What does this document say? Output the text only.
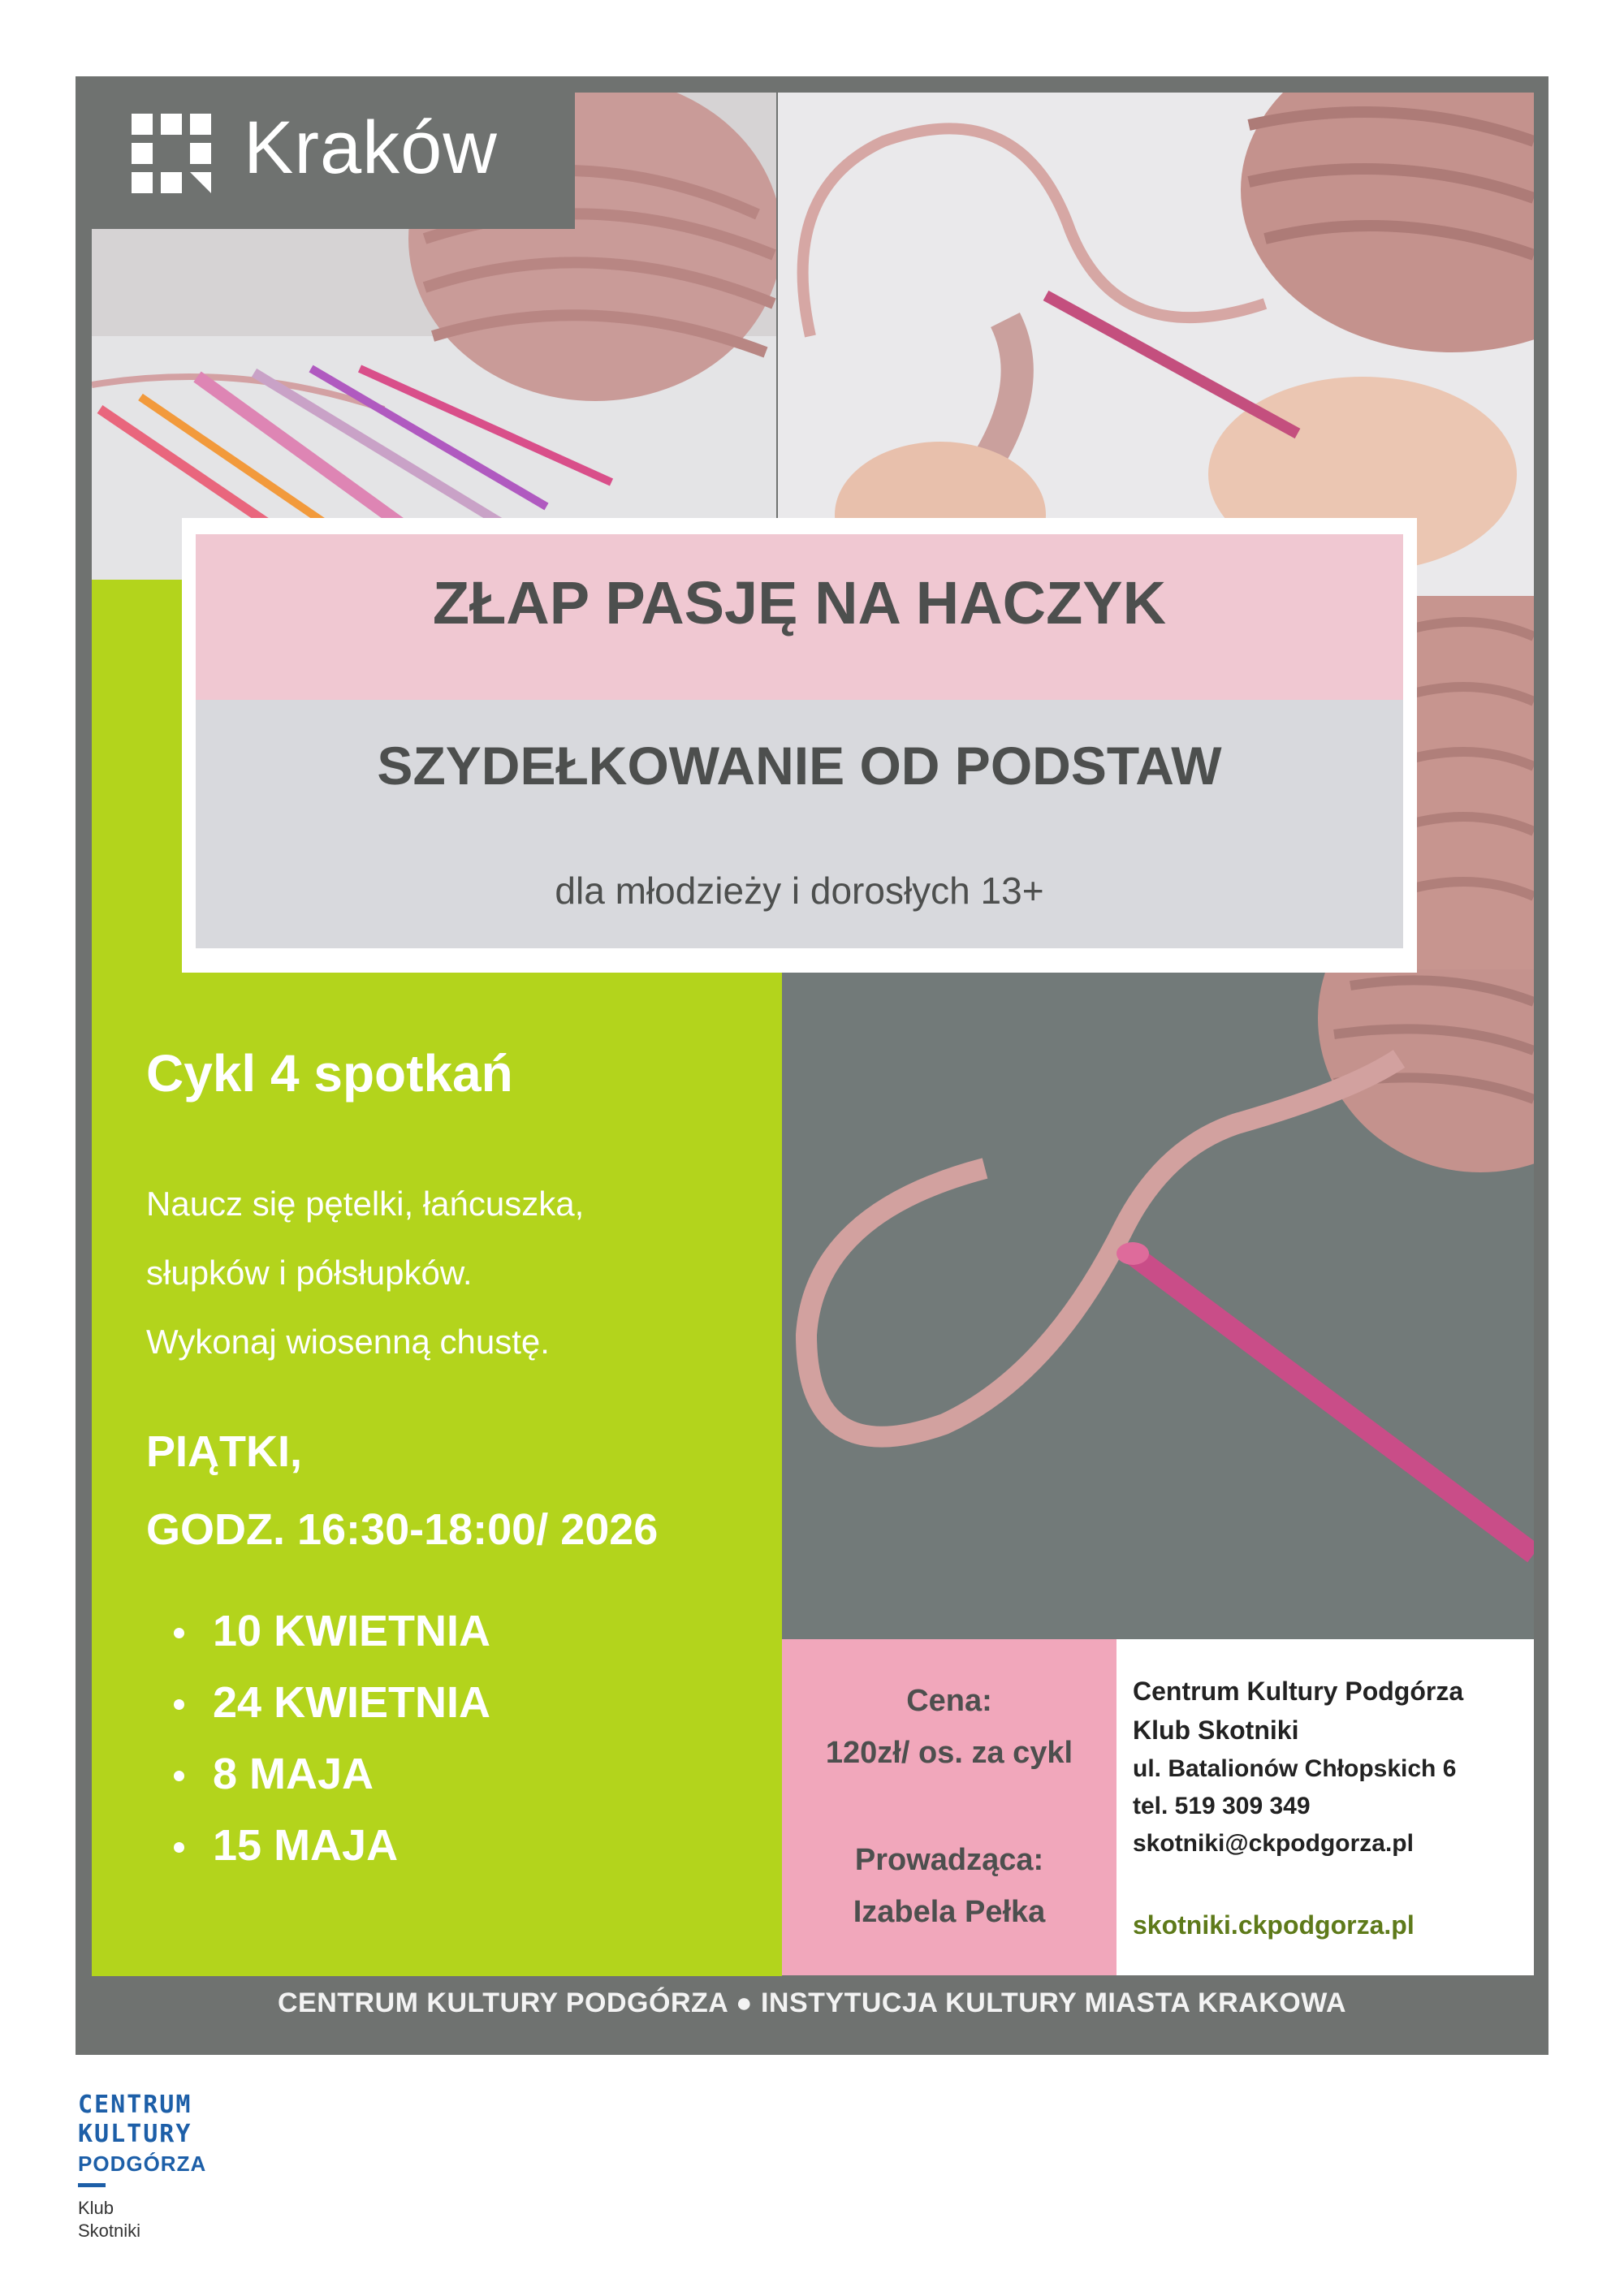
Kraków
ZŁAP PASJĘ NA HACZYK
SZYDEŁKOWANIE OD PODSTAW
dla młodzieży i dorosłych 13+
Cykl 4 spotkań
Naucz się pętelki, łańcuszka,
słupków i półsłupków.
Wykonaj wiosenną chustę.
PIĄTKI,
GODZ. 16:30-18:00/ 2026
10 KWIETNIA
24 KWIETNIA
8 MAJA
15 MAJA
Cena:
120zł/ os. za cykl
Prowadząca:
Izabela Pełka
Centrum Kultury Podgórza
Klub Skotniki
ul. Batalionów Chłopskich 6
tel. 519 309 349
skotniki@ckpodgorza.pl
skotniki.ckpodgorza.pl
CENTRUM KULTURY PODGÓRZA ● INSTYTUCJA KULTURY MIASTA KRAKOWA
CENTRUM
KULTURY
PODGÓRZA
Klub
Skotniki
